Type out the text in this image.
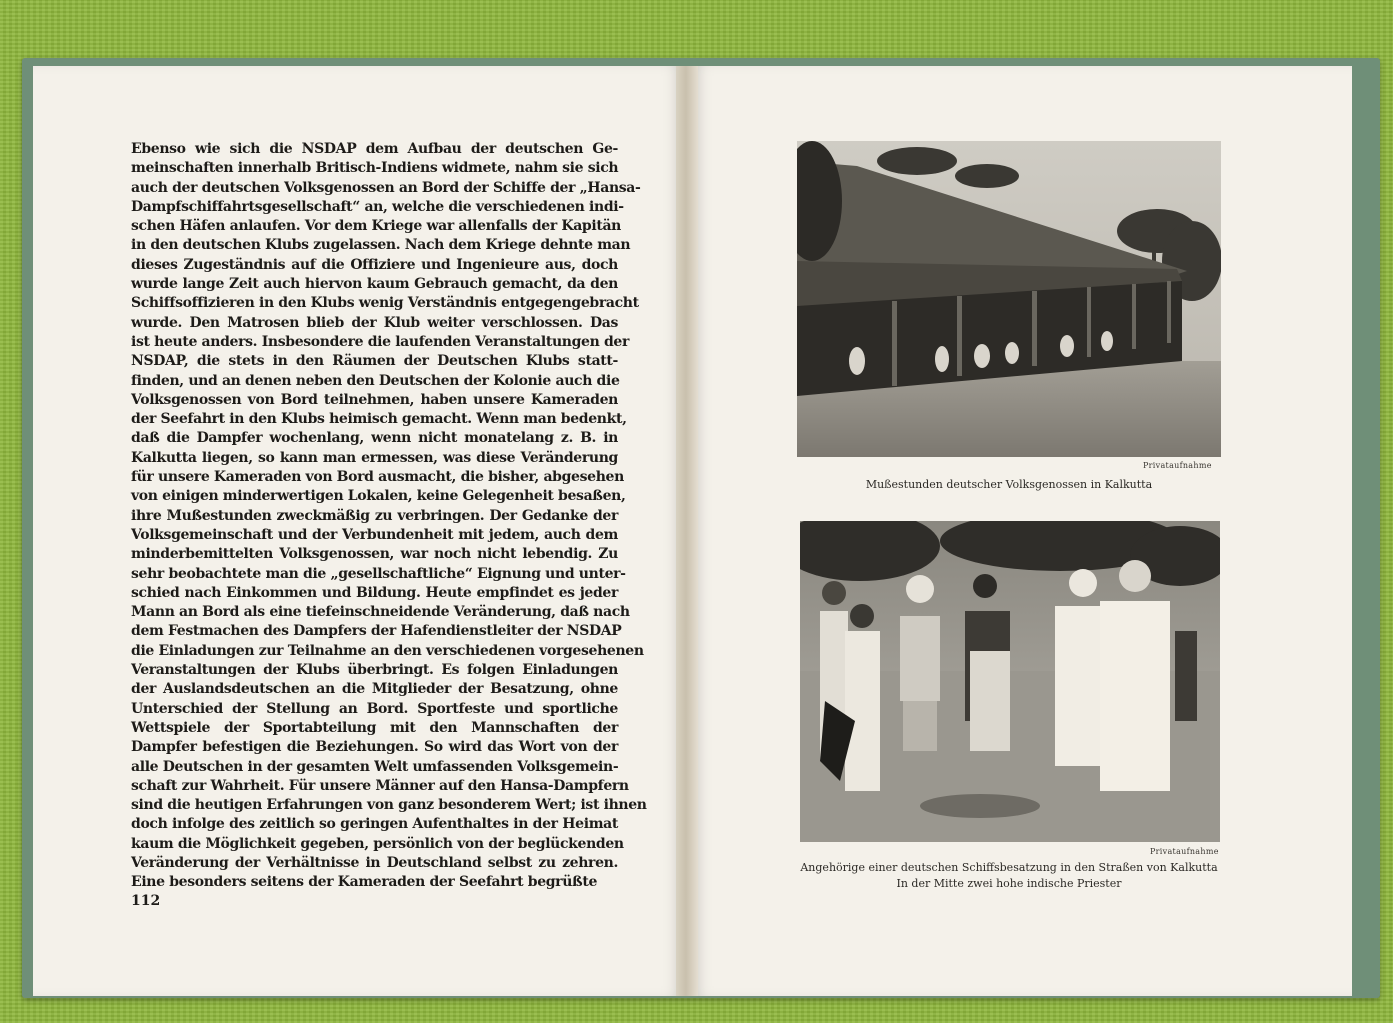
Ebenso wie sich die NSDAP dem Aufbau der deutschen Ge-
meinschaften innerhalb Britisch-Indiens widmete, nahm sie sich
auch der deutschen Volksgenossen an Bord der Schiffe der „Hansa-
Dampfschiffahrtsgesellschaft“ an, welche die verschiedenen indi-
schen Häfen anlaufen. Vor dem Kriege war allenfalls der Kapitän
in den deutschen Klubs zugelassen. Nach dem Kriege dehnte man
dieses Zugeständnis auf die Offiziere und Ingenieure aus, doch
wurde lange Zeit auch hiervon kaum Gebrauch gemacht, da den
Schiffsoffizieren in den Klubs wenig Verständnis entgegengebracht
wurde. Den Matrosen blieb der Klub weiter verschlossen. Das
ist heute anders. Insbesondere die laufenden Veranstaltungen der
NSDAP, die stets in den Räumen der Deutschen Klubs statt-
finden, und an denen neben den Deutschen der Kolonie auch die
Volksgenossen von Bord teilnehmen, haben unsere Kameraden
der Seefahrt in den Klubs heimisch gemacht. Wenn man bedenkt,
daß die Dampfer wochenlang, wenn nicht monatelang z. B. in
Kalkutta liegen, so kann man ermessen, was diese Veränderung
für unsere Kameraden von Bord ausmacht, die bisher, abgesehen
von einigen minderwertigen Lokalen, keine Gelegenheit besaßen,
ihre Mußestunden zweckmäßig zu verbringen. Der Gedanke der
Volksgemeinschaft und der Verbundenheit mit jedem, auch dem
minderbemittelten Volksgenossen, war noch nicht lebendig. Zu
sehr beobachtete man die „gesellschaftliche“ Eignung und unter-
schied nach Einkommen und Bildung. Heute empfindet es jeder
Mann an Bord als eine tiefeinschneidende Veränderung, daß nach
dem Festmachen des Dampfers der Hafendienstleiter der NSDAP
die Einladungen zur Teilnahme an den verschiedenen vorgesehenen
Veranstaltungen der Klubs überbringt. Es folgen Einladungen
der Auslandsdeutschen an die Mitglieder der Besatzung, ohne
Unterschied der Stellung an Bord. Sportfeste und sportliche
Wettspiele der Sportabteilung mit den Mannschaften der
Dampfer befestigen die Beziehungen. So wird das Wort von der
alle Deutschen in der gesamten Welt umfassenden Volksgemein-
schaft zur Wahrheit. Für unsere Männer auf den Hansa-Dampfern
sind die heutigen Erfahrungen von ganz besonderem Wert; ist ihnen
doch infolge des zeitlich so geringen Aufenthaltes in der Heimat
kaum die Möglichkeit gegeben, persönlich von der beglückenden
Veränderung der Verhältnisse in Deutschland selbst zu zehren.
Eine besonders seitens der Kameraden der Seefahrt begrüßte
112
Privataufnahme
Mußestunden deutscher Volksgenossen in Kalkutta
Privataufnahme
Angehörige einer deutschen Schiffsbesatzung in den Straßen von Kalkutta
In der Mitte zwei hohe indische Priester
